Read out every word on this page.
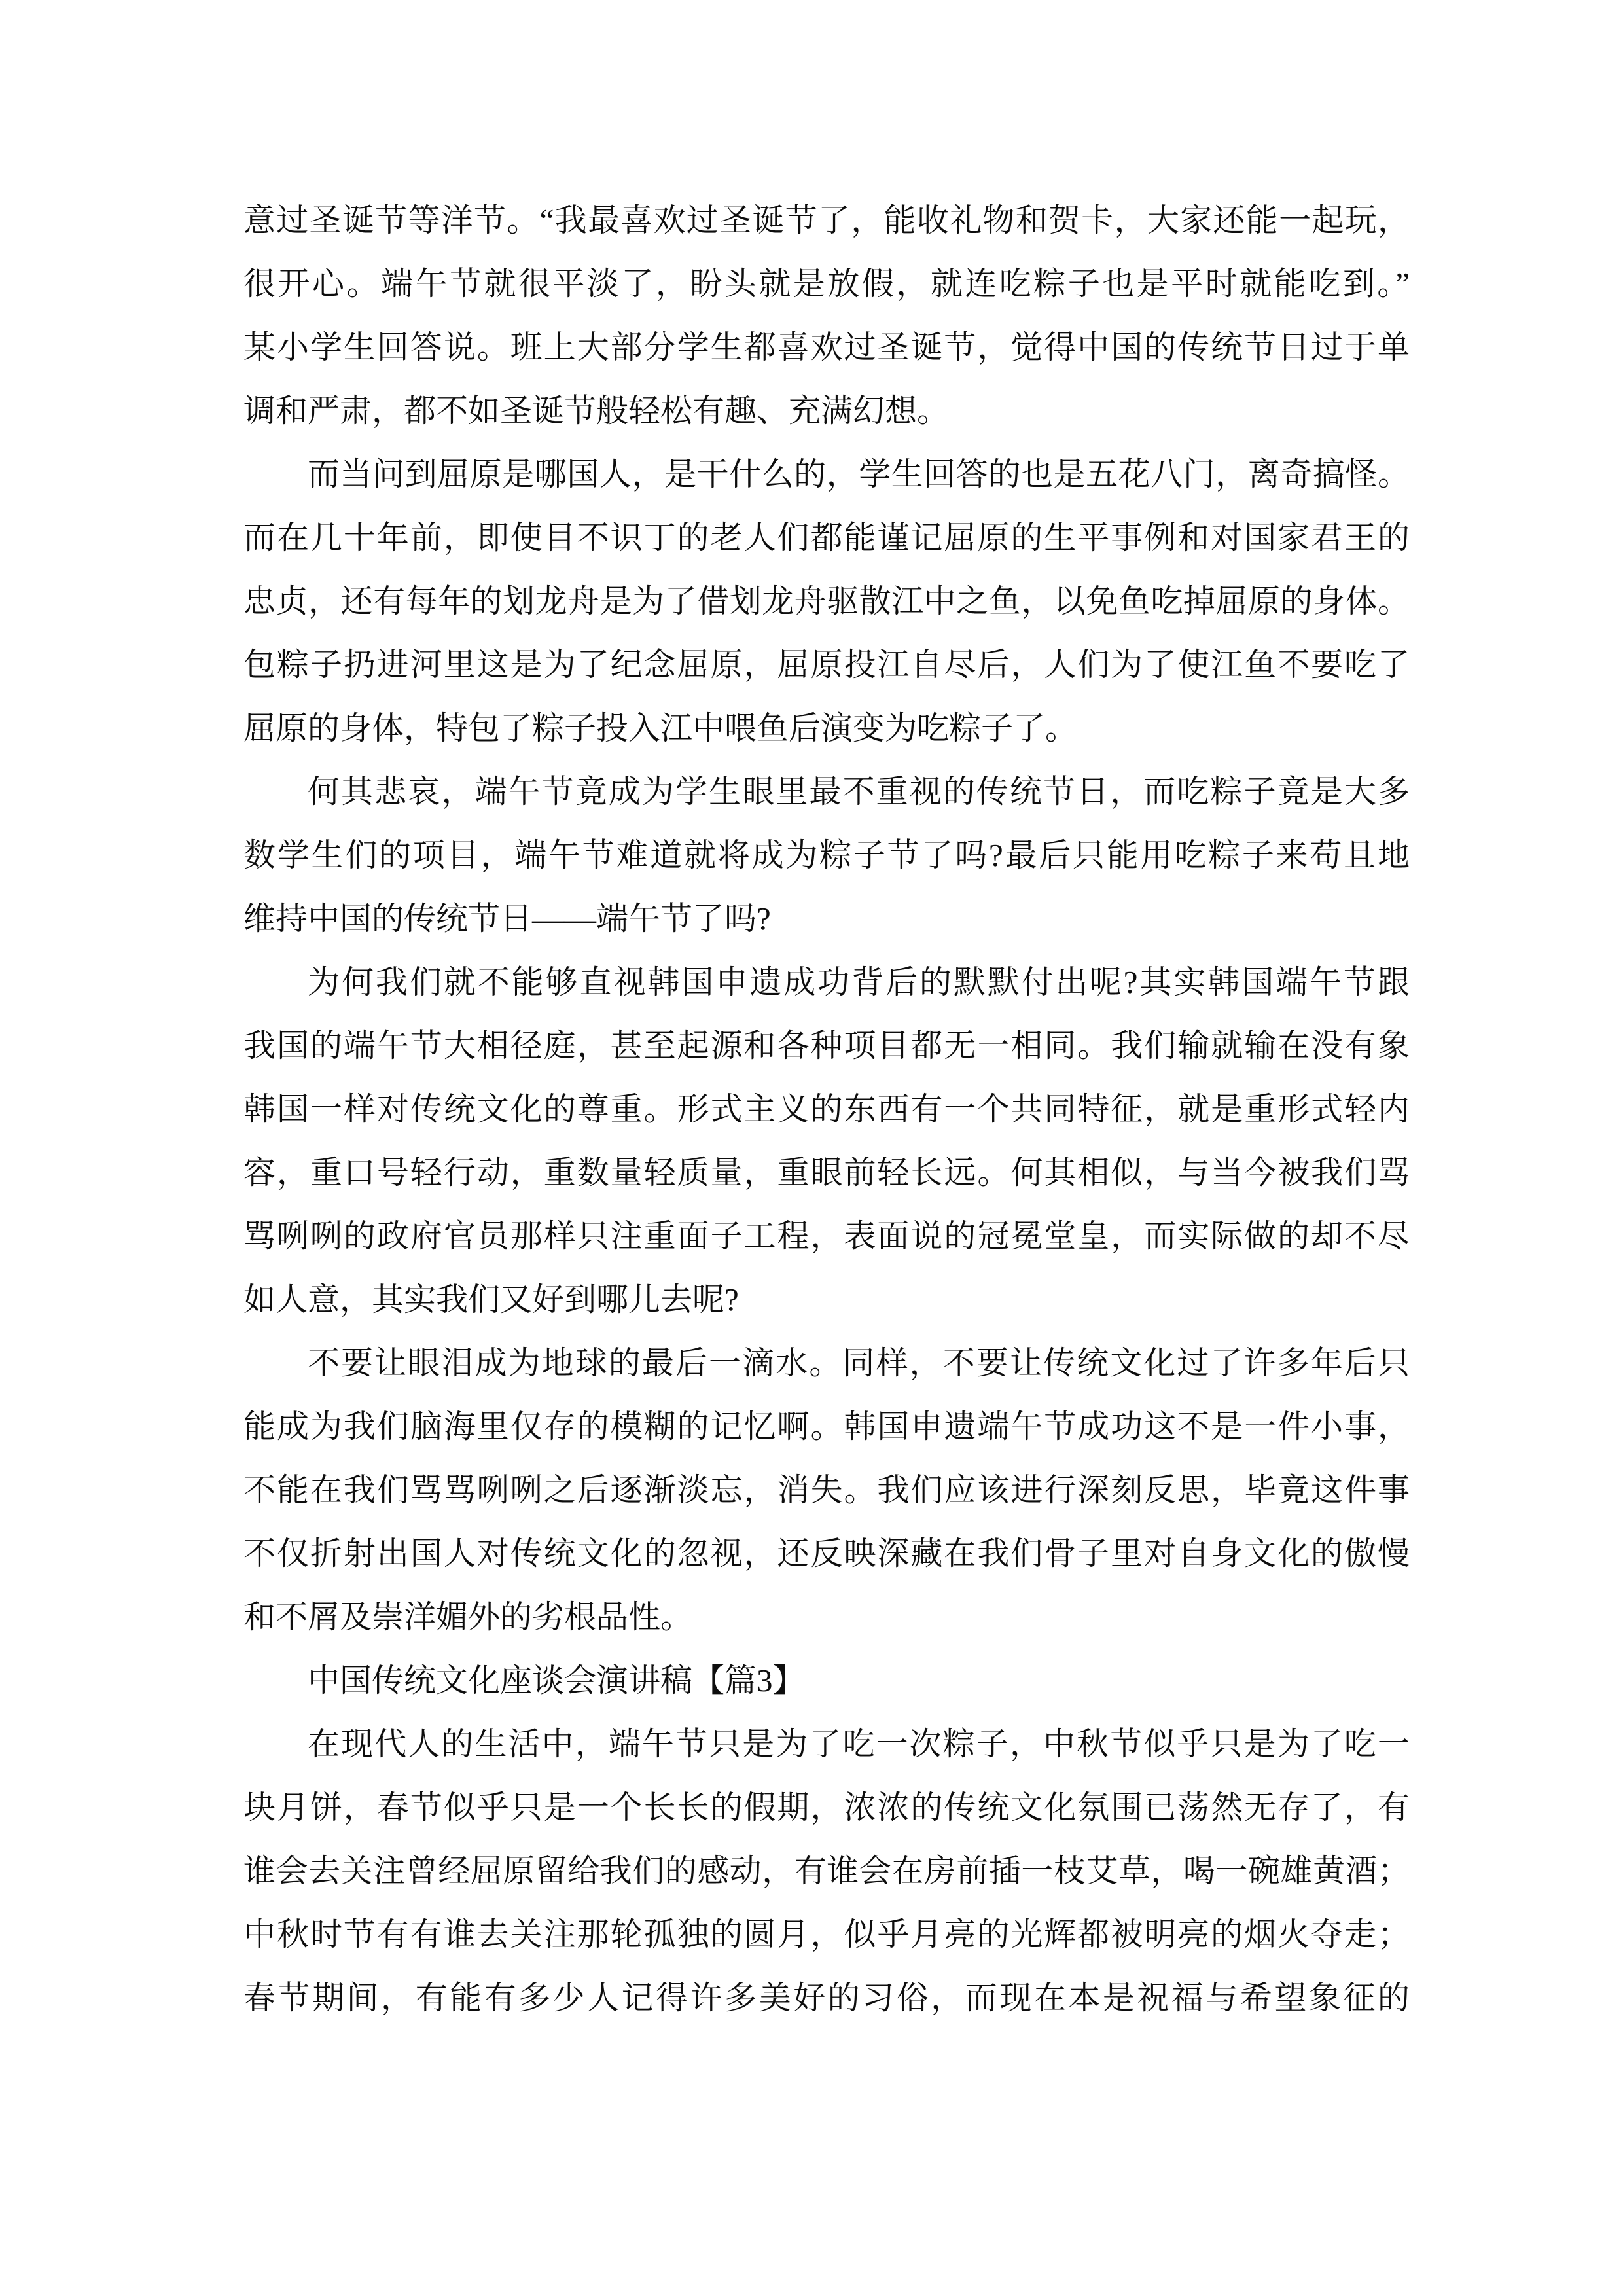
意过圣诞节等洋节。“我最喜欢过圣诞节了，能收礼物和贺卡，大家还能一起玩，
很开心。端午节就很平淡了，盼头就是放假，就连吃粽子也是平时就能吃到。”
某小学生回答说。班上大部分学生都喜欢过圣诞节，觉得中国的传统节日过于单
调和严肃，都不如圣诞节般轻松有趣、充满幻想。
而当问到屈原是哪国人，是干什么的，学生回答的也是五花八门，离奇搞怪。
而在几十年前，即使目不识丁的老人们都能谨记屈原的生平事例和对国家君王的
忠贞，还有每年的划龙舟是为了借划龙舟驱散江中之鱼，以免鱼吃掉屈原的身体。
包粽子扔进河里这是为了纪念屈原，屈原投江自尽后，人们为了使江鱼不要吃了
屈原的身体，特包了粽子投入江中喂鱼后演变为吃粽子了。
何其悲哀，端午节竟成为学生眼里最不重视的传统节日，而吃粽子竟是大多
数学生们的项目，端午节难道就将成为粽子节了吗?最后只能用吃粽子来苟且地
维持中国的传统节日——端午节了吗?
为何我们就不能够直视韩国申遗成功背后的默默付出呢?其实韩国端午节跟
我国的端午节大相径庭，甚至起源和各种项目都无一相同。我们输就输在没有象
韩国一样对传统文化的尊重。形式主义的东西有一个共同特征，就是重形式轻内
容，重口号轻行动，重数量轻质量，重眼前轻长远。何其相似，与当今被我们骂
骂咧咧的政府官员那样只注重面子工程，表面说的冠冕堂皇，而实际做的却不尽
如人意，其实我们又好到哪儿去呢?
不要让眼泪成为地球的最后一滴水。同样，不要让传统文化过了许多年后只
能成为我们脑海里仅存的模糊的记忆啊。韩国申遗端午节成功这不是一件小事，
不能在我们骂骂咧咧之后逐渐淡忘，消失。我们应该进行深刻反思，毕竟这件事
不仅折射出国人对传统文化的忽视，还反映深藏在我们骨子里对自身文化的傲慢
和不屑及崇洋媚外的劣根品性。
中国传统文化座谈会演讲稿【篇3】
在现代人的生活中，端午节只是为了吃一次粽子，中秋节似乎只是为了吃一
块月饼，春节似乎只是一个长长的假期，浓浓的传统文化氛围已荡然无存了，有
谁会去关注曾经屈原留给我们的感动，有谁会在房前插一枝艾草，喝一碗雄黄酒；
中秋时节有有谁去关注那轮孤独的圆月，似乎月亮的光辉都被明亮的烟火夺走；
春节期间，有能有多少人记得许多美好的习俗，而现在本是祝福与希望象征的
